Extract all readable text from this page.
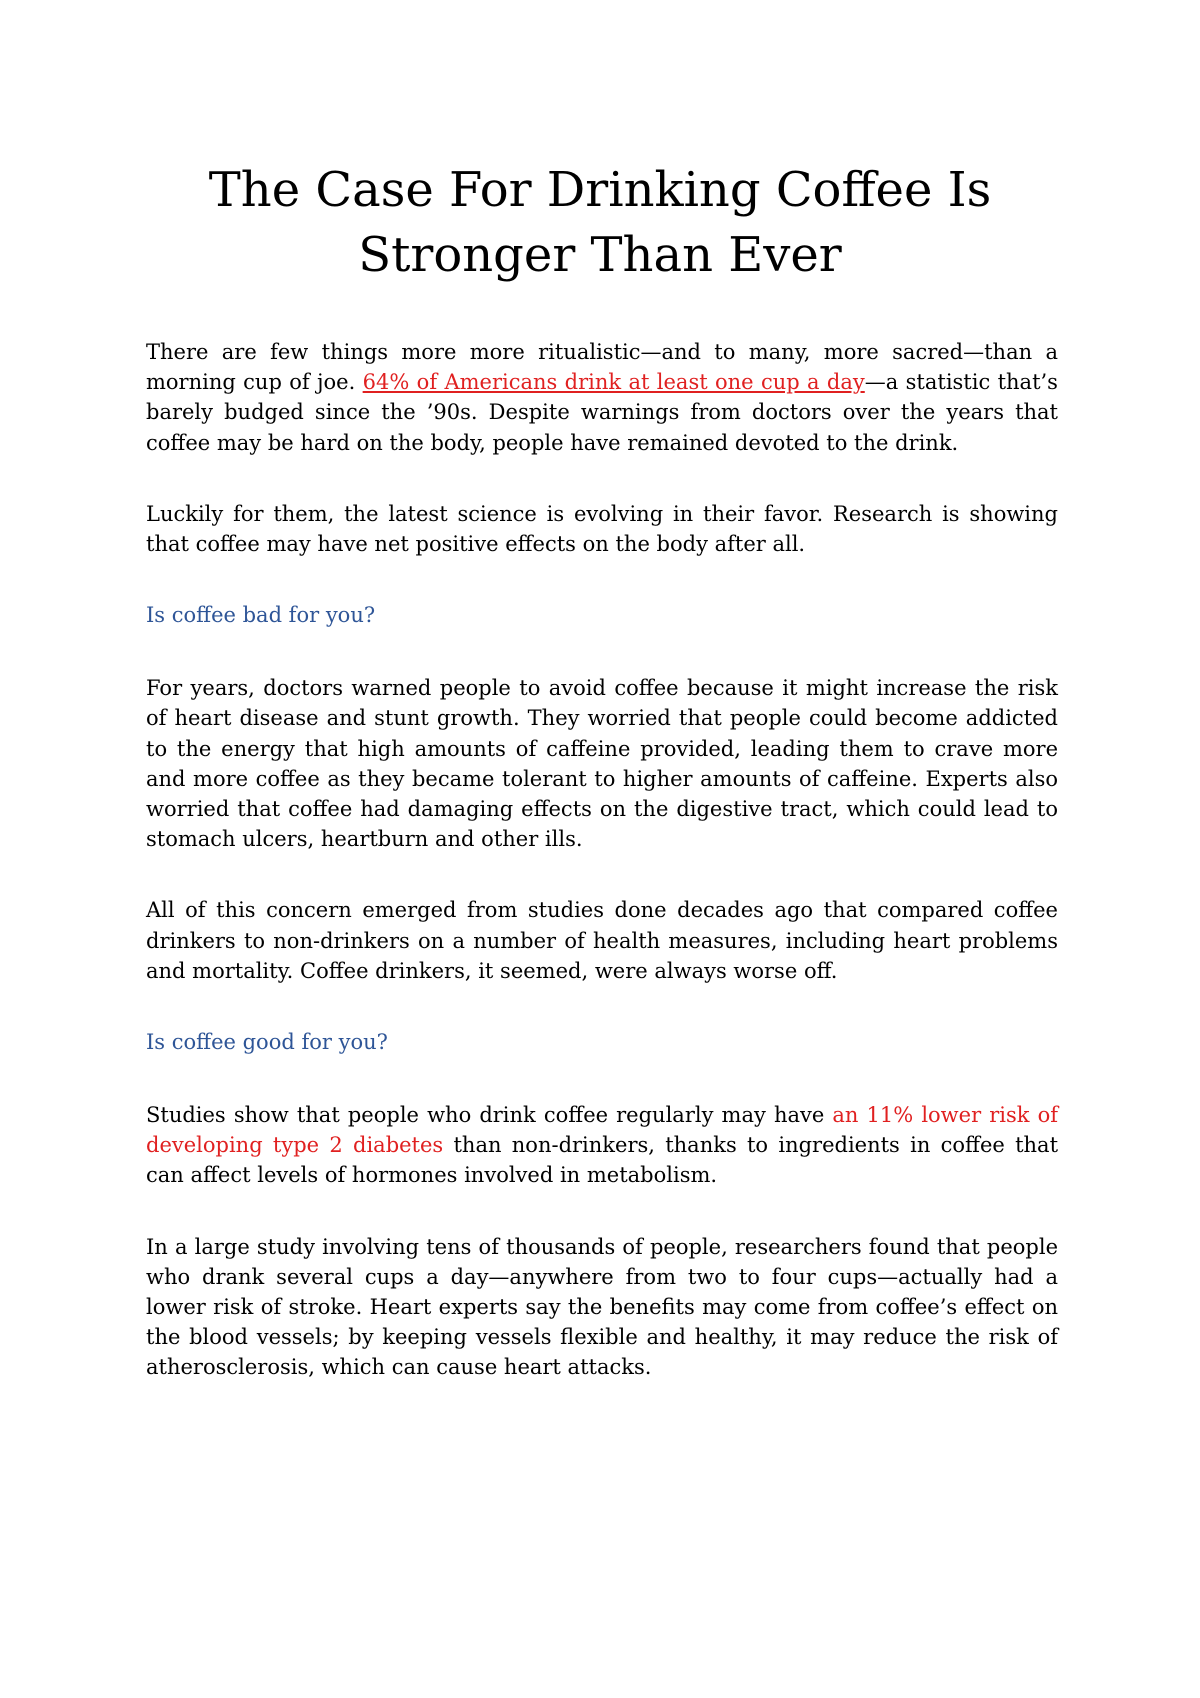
The Case For Drinking Coffee Is Stronger Than Ever

There are few things more more ritualistic—and to many, more sacred—than a morning cup of joe. 64% of Americans drink at least one cup a day—a statistic that’s barely budged since the ’90s. Despite warnings from doctors over the years that coffee may be hard on the body, people have remained devoted to the drink.

Luckily for them, the latest science is evolving in their favor. Research is showing that coffee may have net positive effects on the body after all.

Is coffee bad for you?

For years, doctors warned people to avoid coffee because it might increase the risk of heart disease and stunt growth. They worried that people could become addicted to the energy that high amounts of caffeine provided, leading them to crave more and more coffee as they became tolerant to higher amounts of caffeine. Experts also worried that coffee had damaging effects on the digestive tract, which could lead to stomach ulcers, heartburn and other ills.

All of this concern emerged from studies done decades ago that compared coffee drinkers to non-drinkers on a number of health measures, including heart problems and mortality. Coffee drinkers, it seemed, were always worse off.

Is coffee good for you?

Studies show that people who drink coffee regularly may have an 11% lower risk of developing type 2 diabetes than non-drinkers, thanks to ingredients in coffee that can affect levels of hormones involved in metabolism.

In a large study involving tens of thousands of people, researchers found that people who drank several cups a day—anywhere from two to four cups—actually had a lower risk of stroke. Heart experts say the benefits may come from coffee’s effect on the blood vessels; by keeping vessels flexible and healthy, it may reduce the risk of atherosclerosis, which can cause heart attacks.
